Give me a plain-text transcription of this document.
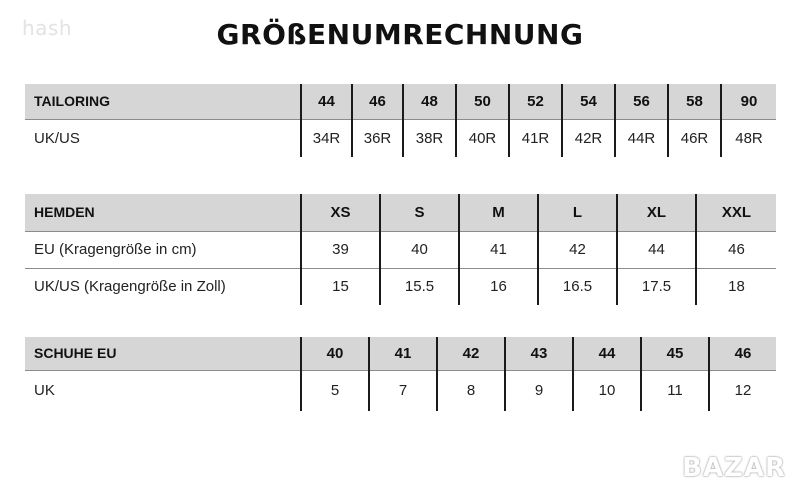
hash	GRÖßENUMRECHNUNG
TAILORING	44	46	48	50	52	54	56	58	90
UK/US	34R	36R	38R	40R	41R	42R	44R	46R	48R
HEMDEN	XS	S	M	L	XL	XXL
EU (Kragengröße in cm)	39	40	41	42	44	46
UK/US (Kragengröße in Zoll)	15	15.5	16	16.5	17.5	18
SCHUHE EU	40	41	42	43	44	45	46
UK	5	7	8	9	10	11	12
BAZAR
